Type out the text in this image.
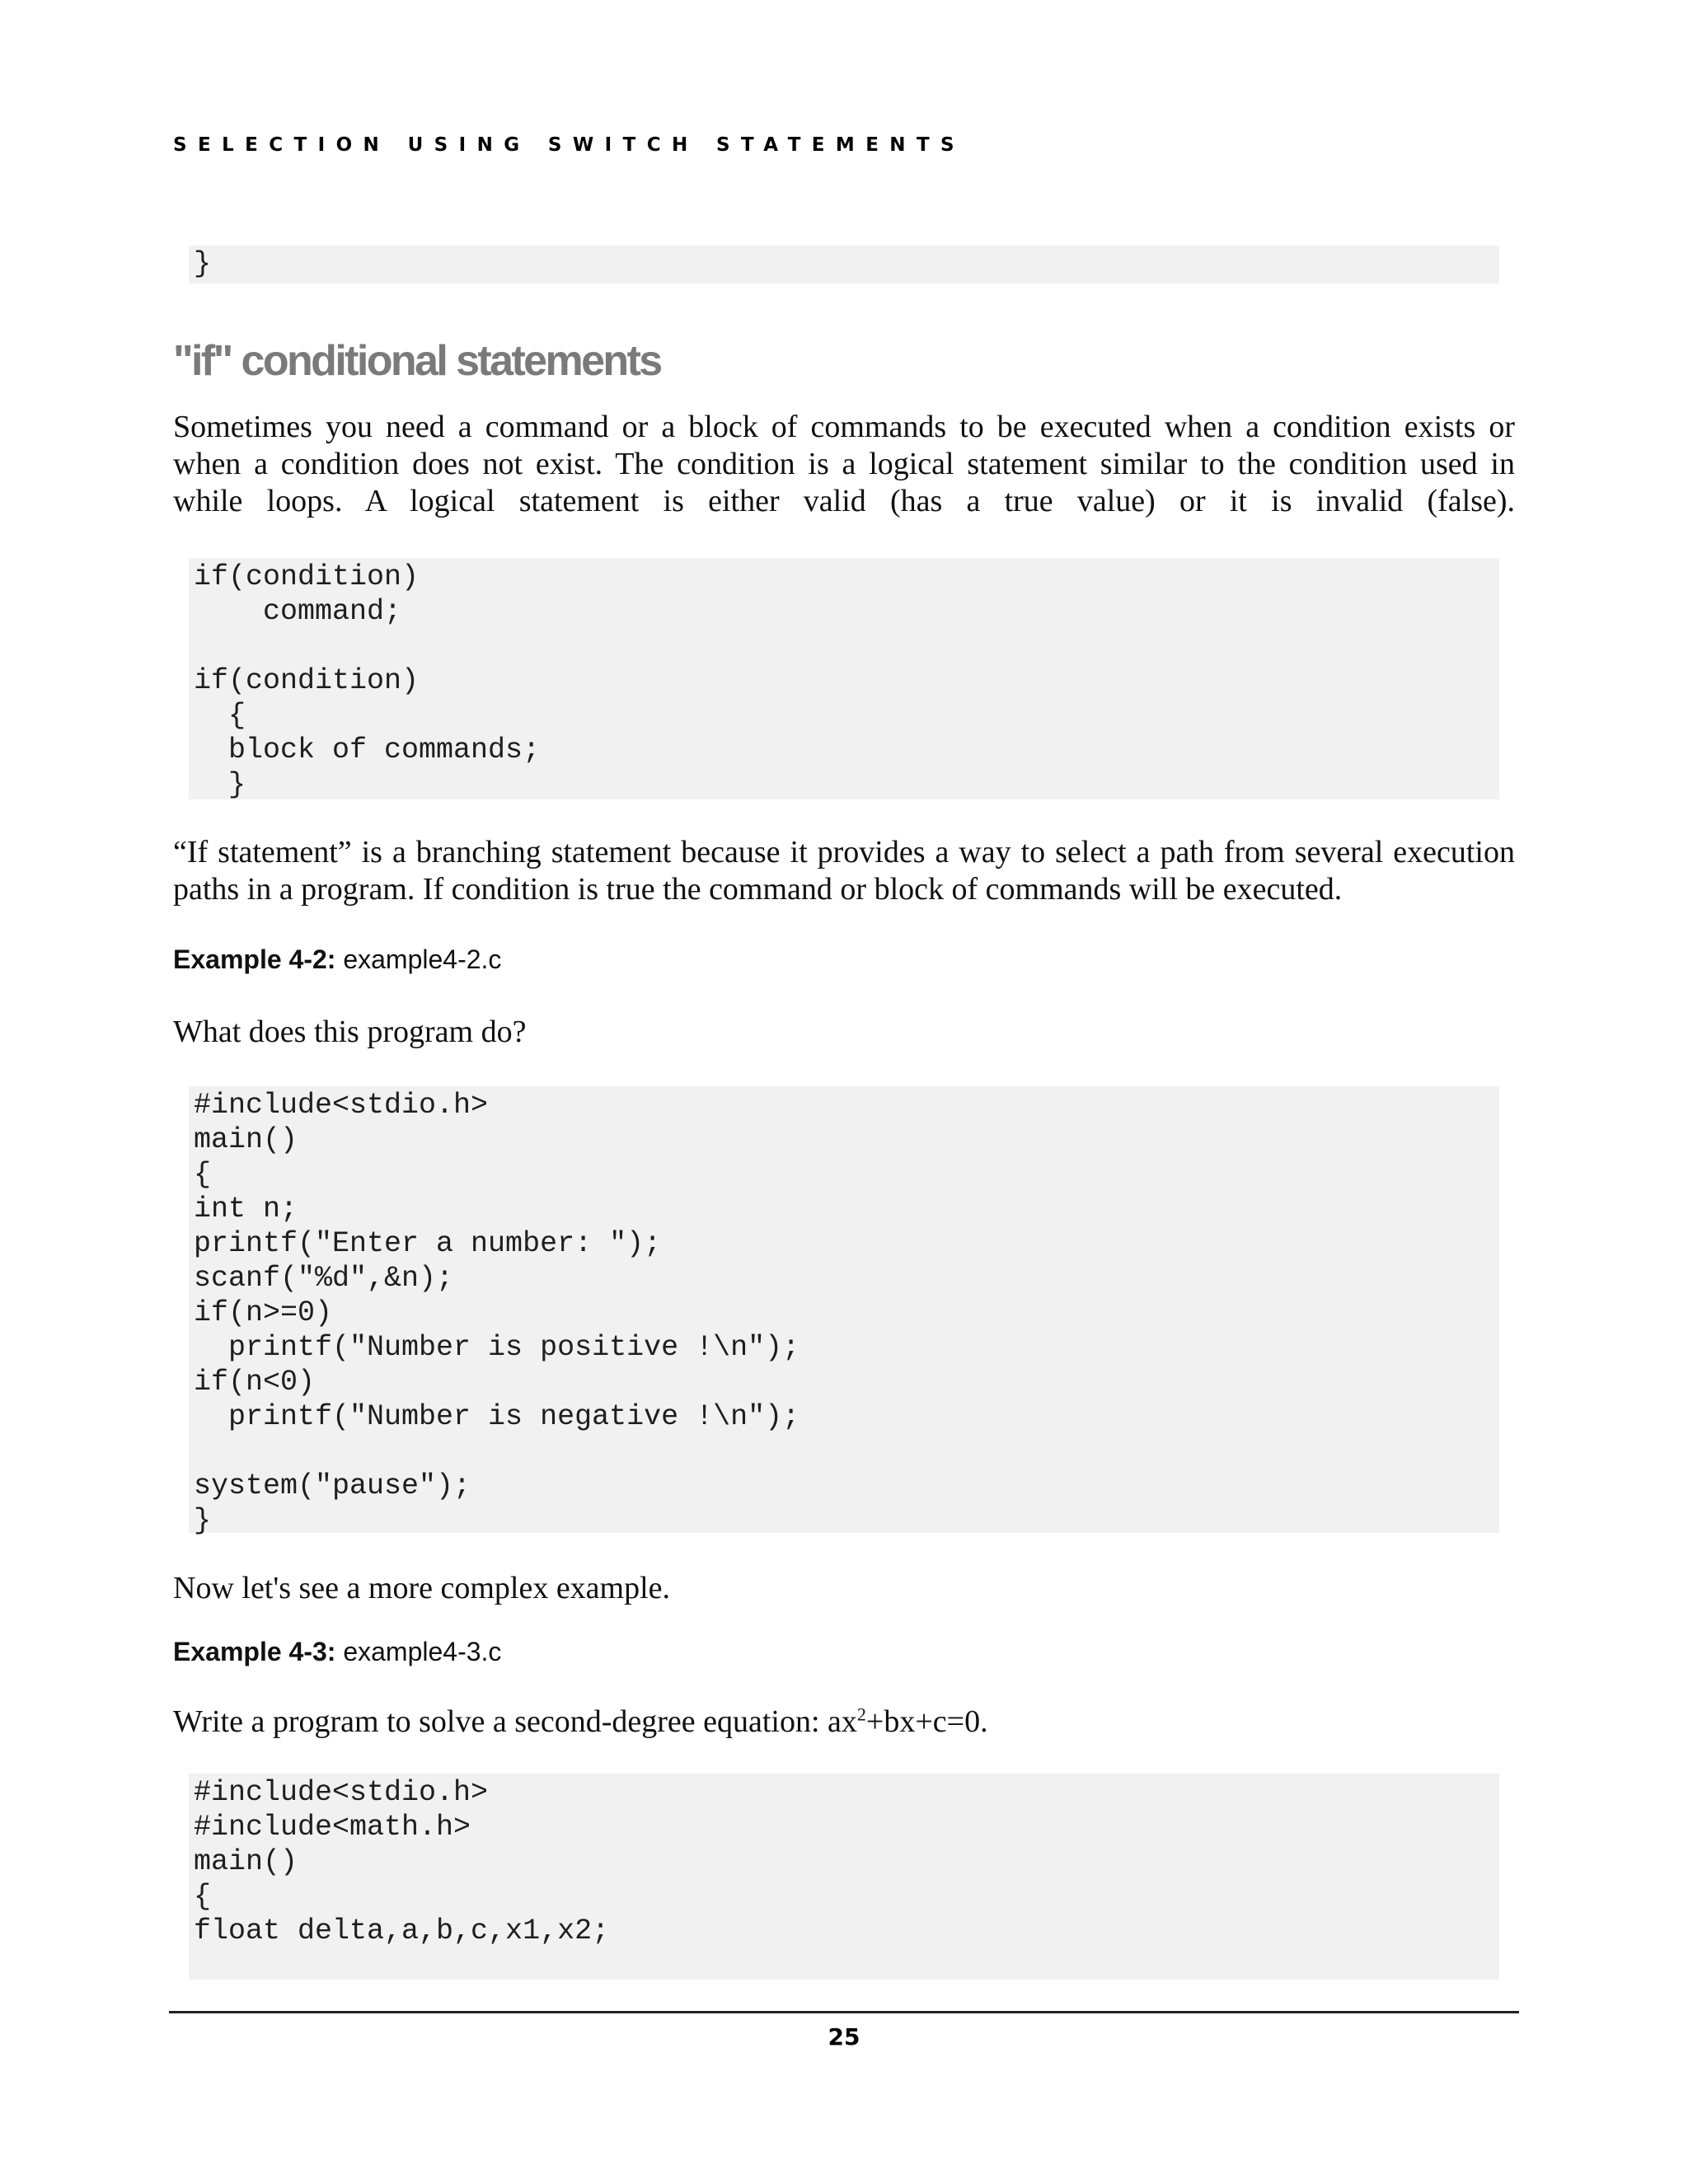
SELECTION USING SWITCH STATEMENTS
}
"if" conditional statements

Sometimes you need a command or a block of commands to be executed when a condition exists or

when a condition does not exist. The condition is a logical statement similar to the condition used in

while loops. A logical statement is either valid (has a true value) or it is invalid (false).

if(condition)
command;

if(condition)
{
block of commands;
}

“If statement” is a branching statement because it provides a way to select a path from several execution

paths in a program. If condition is true the command or block of commands will be executed.

Example 4-2: example4-2.c

What does this program do?

#include<stdio.h>
main()
{
int n;
printf("Enter a number: ");
scanf("%d",&n);
if(n>=0)
printf("Number is positive !\n");
if(n<0)
printf("Number is negative !\n");

system("pause");
}

Now let's see a more complex example.

Example 4-3: example4-3.c

Write a program to solve a second-degree equation: $ax^2+bx+c=0$.

#include<stdio.h>
#include<math.h>
main()
{
float delta,a,b,c,x1,x2;
25
